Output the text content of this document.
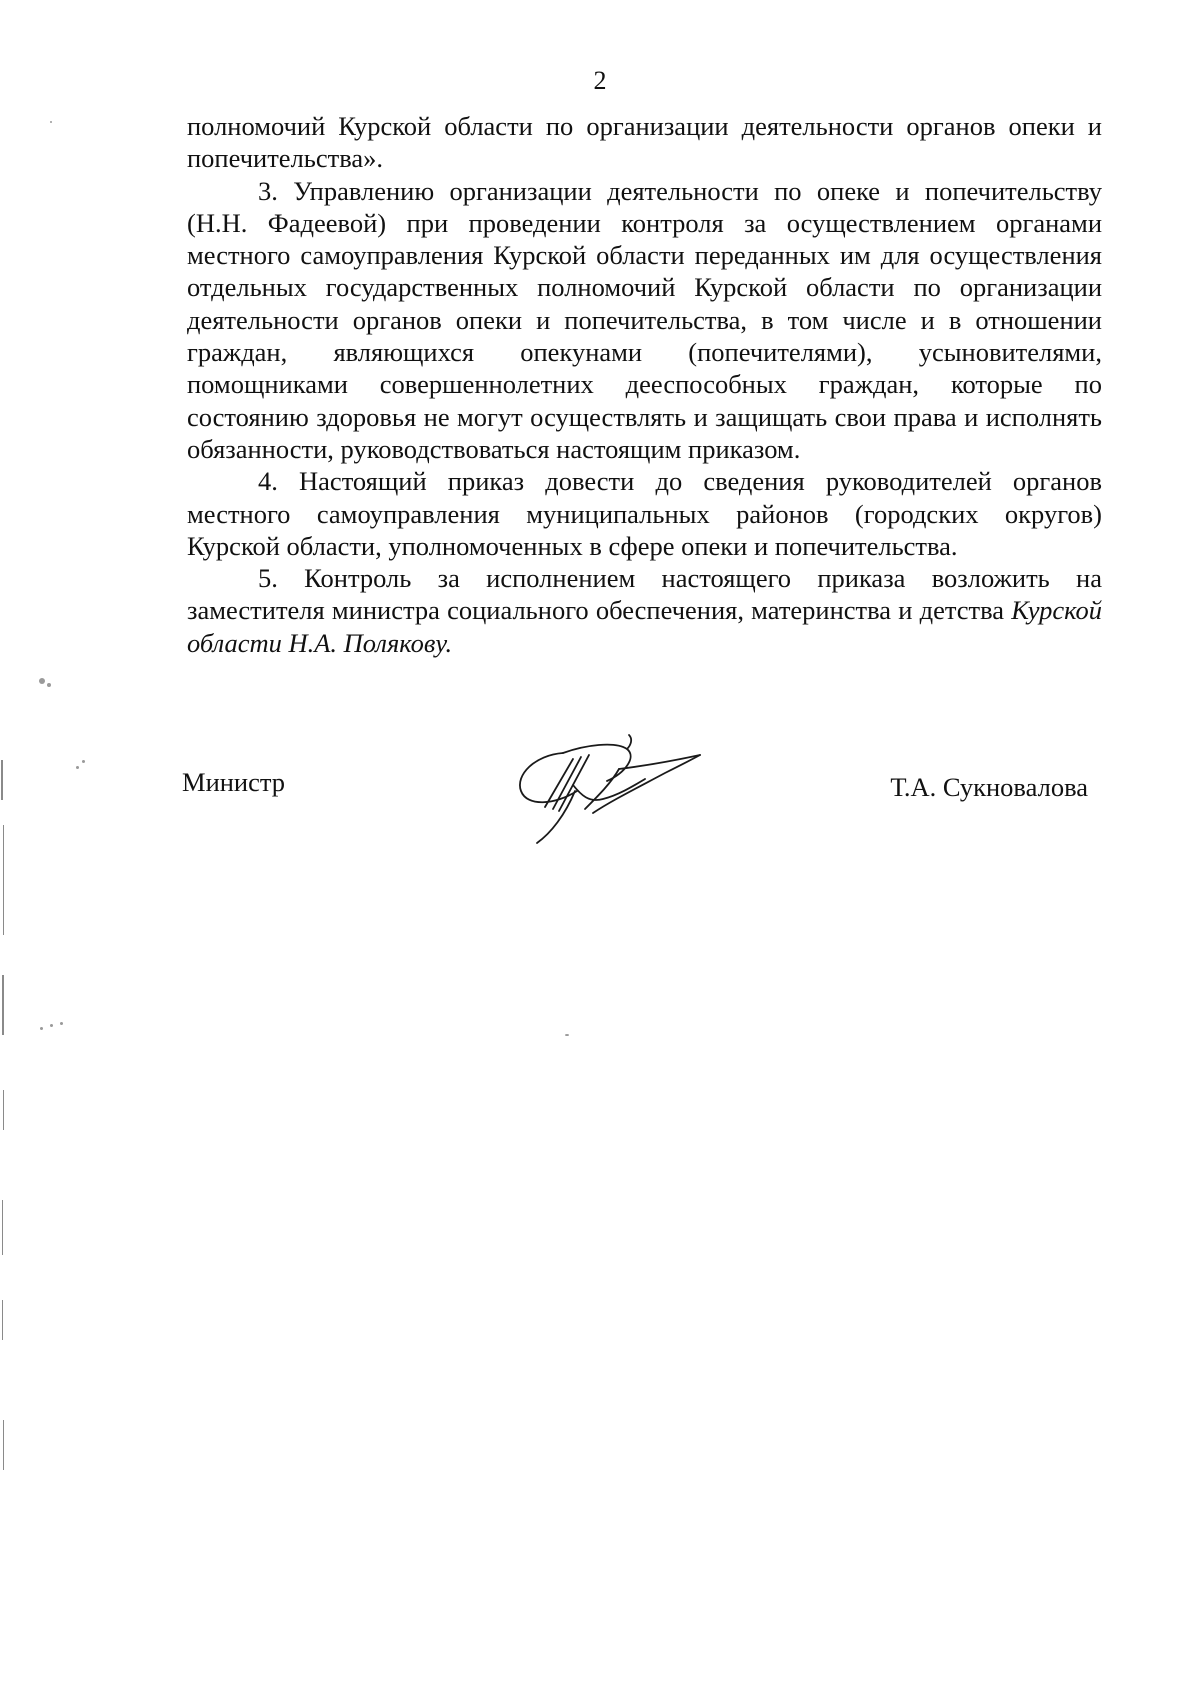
2

полномочий Курской области по организации деятельности органов опеки и попечительства».

3. Управлению организации деятельности по опеке и попечительству (Н.Н. Фадеевой) при проведении контроля за осуществлением органами местного самоуправления Курской области переданных им для осуществления отдельных государственных полномочий Курской области по организации деятельности органов опеки и попечительства, в том числе и в отношении граждан, являющихся опекунами (попечителями), усыновителями, помощниками совершеннолетних дееспособных граждан, которые по состоянию здоровья не могут осуществлять и защищать свои права и исполнять обязанности, руководствоваться настоящим приказом.

4. Настоящий приказ довести до сведения руководителей органов местного самоуправления муниципальных районов (городских округов) Курской области, уполномоченных в сфере опеки и попечительства.

5. Контроль за исполнением настоящего приказа возложить на заместителя министра социального обеспечения, материнства и детства Курской области Н.А. Полякову.

Министр	Т.А. Сукновалова
